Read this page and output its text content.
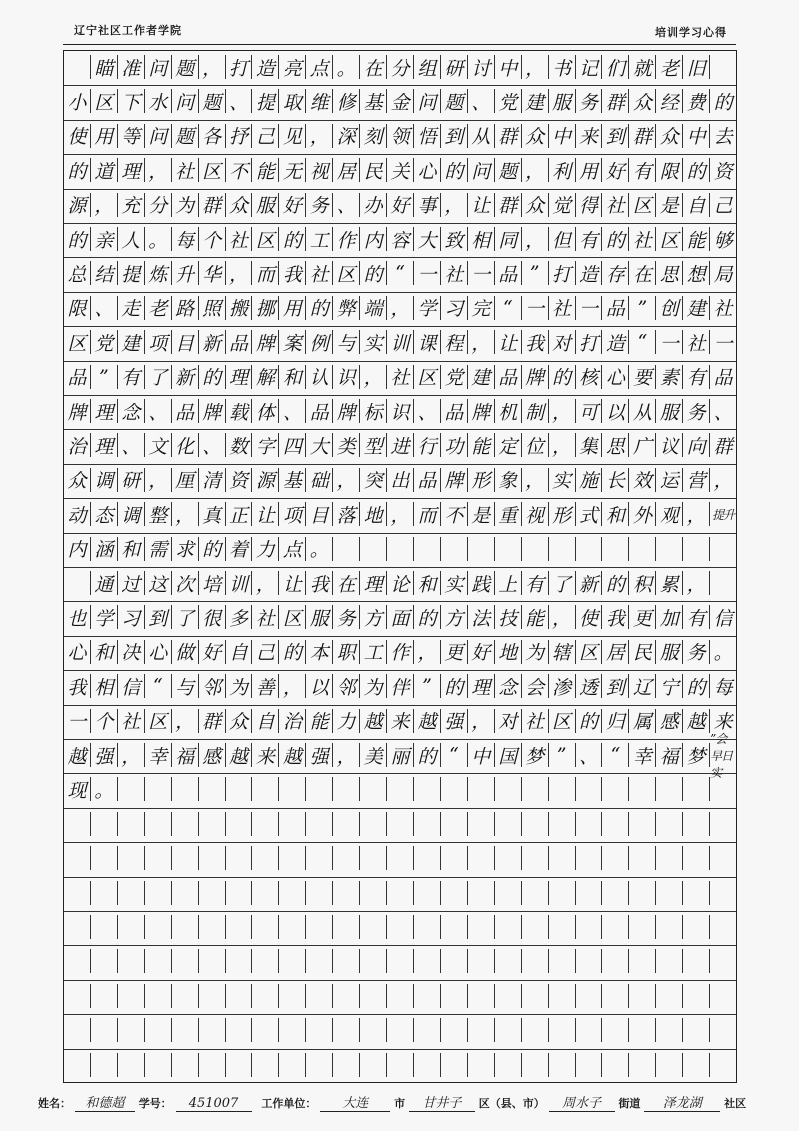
辽宁社区工作者学院	培训学习心得

瞄 准 问 题 ， 打 造 亮 点 。 在 分 组 研 讨 中 ， 书 记 们 就 老 旧
小 区 下 水 问 题 、 提 取 维 修 基 金 问 题 、 党 建 服 务 群 众 经 费 的
使 用 等 问 题 各 抒 己 见 ， 深 刻 领 悟 到 从 群 众 中 来 到 群 众 中 去
的 道 理 ， 社 区 不 能 无 视 居 民 关 心 的 问 题 ， 利 用 好 有 限 的 资
源 ， 充 分 为 群 众 服 好 务 、 办 好 事 ， 让 群 众 觉 得 社 区 是 自 己
的 亲 人 。 每 个 社 区 的 工 作 内 容 大 致 相 同 ， 但 有 的 社 区 能 够
总 结 提 炼 升 华 ， 而 我 社 区 的 “ 一 社 一 品 ” 打 造 存 在 思 想 局
限 、 走 老 路 照 搬 挪 用 的 弊 端 ， 学 习 完 “ 一 社 一 品 ” 创 建 社
区 党 建 项 目 新 品 牌 案 例 与 实 训 课 程 ， 让 我 对 打 造 “ 一 社 一
品 ” 有 了 新 的 理 解 和 认 识 ， 社 区 党 建 品 牌 的 核 心 要 素 有 品
牌 理 念 、 品 牌 载 体 、 品 牌 标 识 、 品 牌 机 制 ， 可 以 从 服 务 、
治 理 、 文 化 、 数 字 四 大 类 型 进 行 功 能 定 位 ， 集 思 广 议 向 群
众 调 研 ， 厘 清 资 源 基 础 ， 突 出 品 牌 形 象 ， 实 施 长 效 运 营 ，
动 态 调 整 ， 真 正 让 项 目 落 地 ， 而 不 是 重 视 形 式 和 外 观 ， 提升
内 涵 和 需 求 的 着 力 点 。

通 过 这 次 培 训 ， 让 我 在 理 论 和 实 践 上 有 了 新 的 积 累 ，
也 学 习 到 了 很 多 社 区 服 务 方 面 的 方 法 技 能 ， 使 我 更 加 有 信
心 和 决 心 做 好 自 己 的 本 职 工 作 ， 更 好 地 为 辖 区 居 民 服 务 。
我 相 信 “ 与 邻 为 善 ， 以 邻 为 伴 ” 的 理 念 会 渗 透 到 辽 宁 的 每
一 个 社 区 ， 群 众 自 治 能 力 越 来 越 强 ， 对 社 区 的 归 属 感 越 来
越 强 ， 幸 福 感 越 来 越 强 ， 美 丽 的 “ 中 国 梦 ” 、 “ 幸 福 梦
”会早日实
现 。
姓名： 和德超 学号： 451007 工作单位： 大连 市 甘井子 区（县、市） 周水子 街道 泽龙湖 社区
